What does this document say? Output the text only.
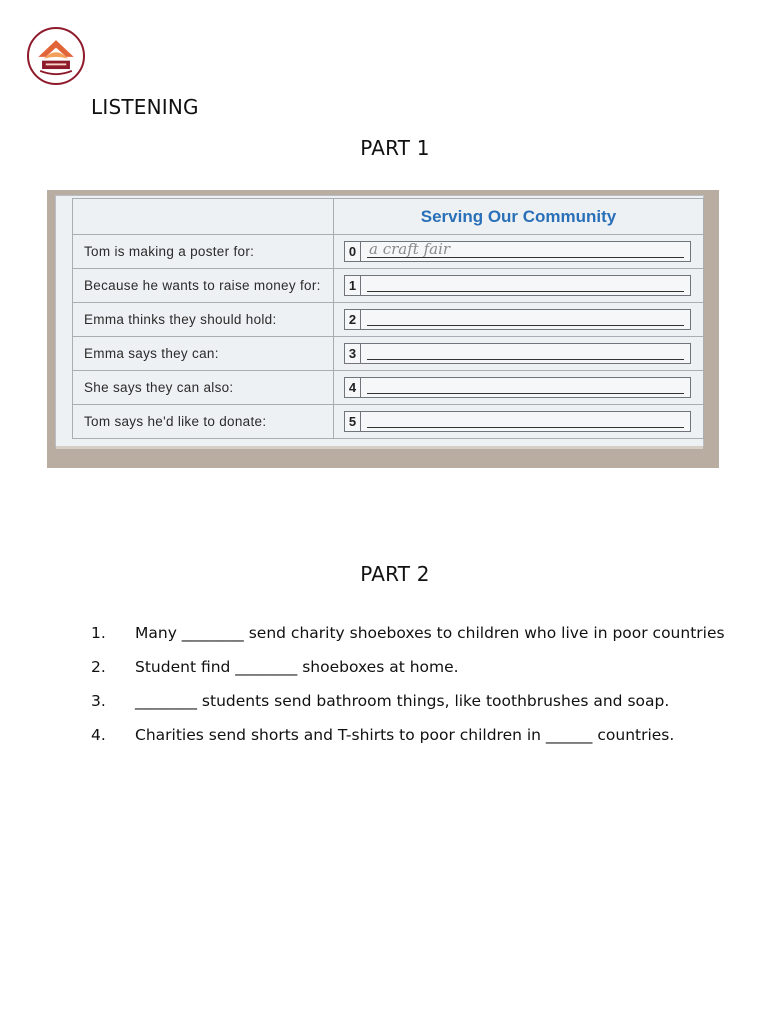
LISTENING
PART 1

	Serving Our Community

Tom is making a poster for:	0 a craft fair

Because he wants to raise money for:	1

Emma thinks they should hold:	2

Emma says they can:	3

She says they can also:	4

Tom says he'd like to donate:	5
PART 2
1. Many ________ send charity shoeboxes to children who live in poor countries
2. Student find ________ shoeboxes at home.
3. ________ students send bathroom things, like toothbrushes and soap.
4. Charities send shorts and T-shirts to poor children in ______ countries.
